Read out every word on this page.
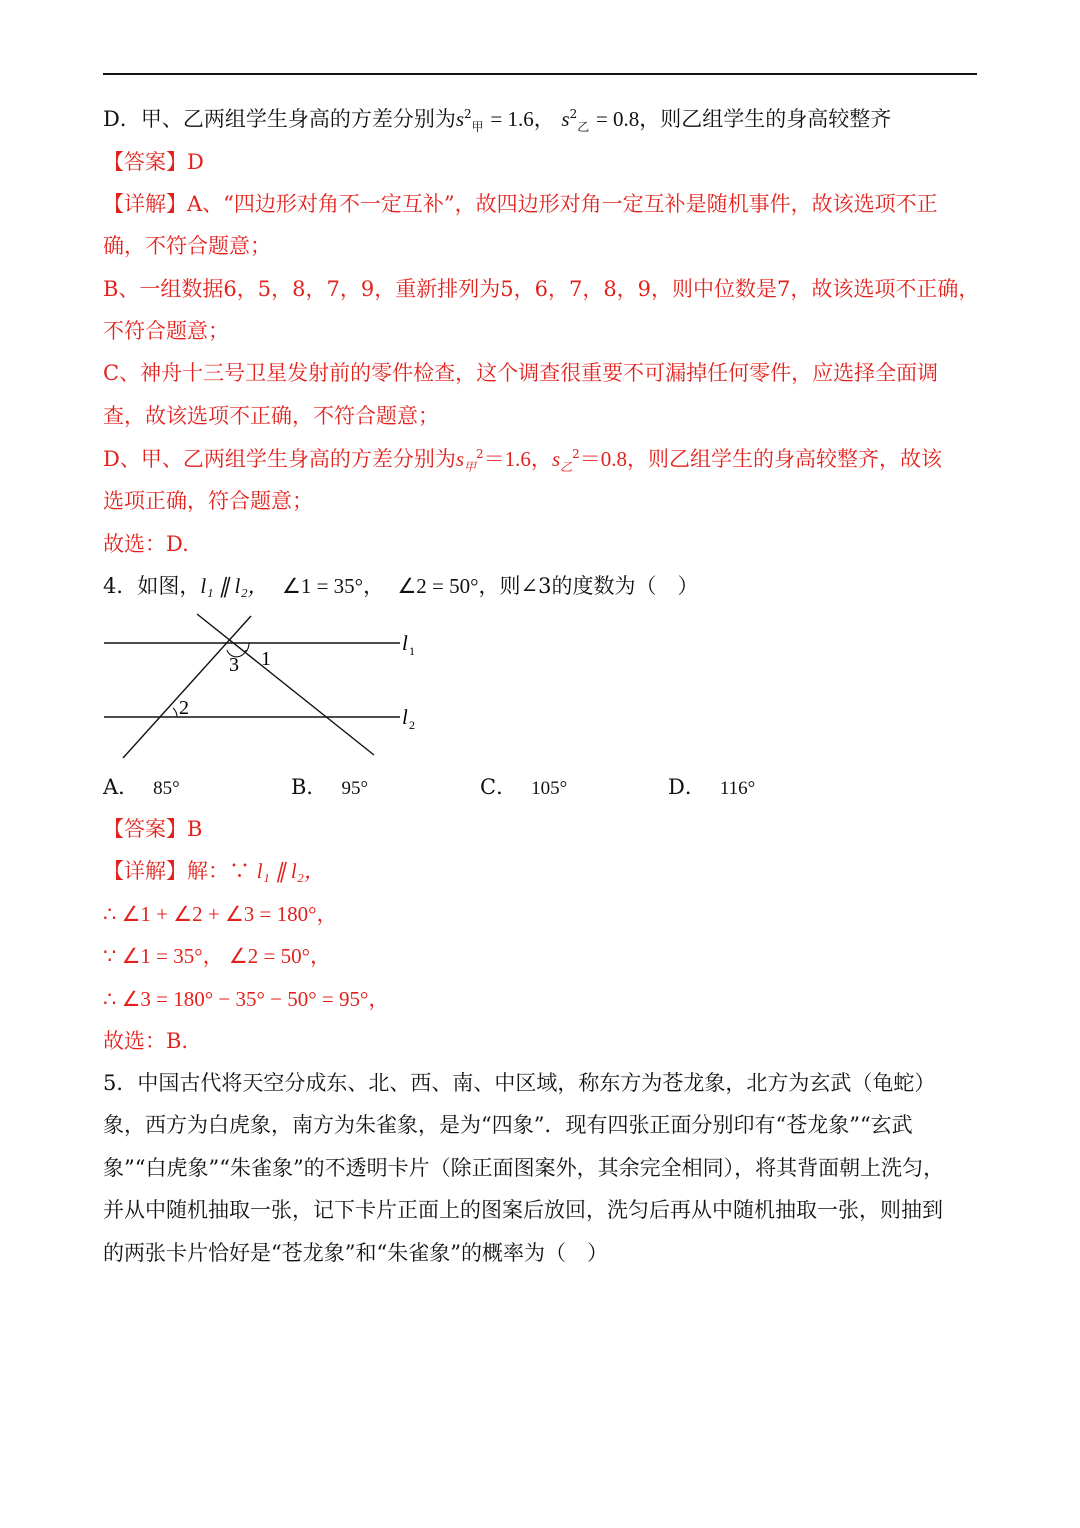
D．甲、乙两组学生身高的方差分别为$s^2_甲 = 1.6$， $s^2_乙 = 0.8$，则乙组学生的身高较整齐
【答案】D
【详解】A、“四边形对角不一定互补”，故四边形对角一定互补是随机事件，故该选项不正
确，不符合题意；
B、一组数据6，5，8，7，9，重新排列为5，6，7，8，9，则中位数是7，故该选项不正确，
不符合题意；
C、神舟十三号卫星发射前的零件检查，这个调查很重要不可漏掉任何零件，应选择全面调
查，故该选项不正确，不符合题意；
D、甲、乙两组学生身高的方差分别为$s_甲^2=1.6$，$s_乙^2=0.8$，则乙组学生的身高较整齐，故该
选项正确，符合题意；
故选：D.
4．如图，l₁ ∥ l₂， ∠1 = 35°， ∠2 = 50°，则∠3的度数为（　）
3 1
2
l 1
l 2
A． 85°	B． 95°	C． 105°	D． 116°
【答案】B
【详解】解：∵ l₁ ∥ l₂，
∴ ∠1 + ∠2 + ∠3 = 180°，
∵ ∠1 = 35°， ∠2 = 50°，
∴ ∠3 = 180° − 35° − 50° = 95°，
故选：B.
5．中国古代将天空分成东、北、西、南、中区域，称东方为苍龙象，北方为玄武（龟蛇）
象，西方为白虎象，南方为朱雀象，是为“四象”．现有四张正面分别印有“苍龙象”“玄武
象”“白虎象”“朱雀象”的不透明卡片（除正面图案外，其余完全相同），将其背面朝上洗匀，
并从中随机抽取一张，记下卡片正面上的图案后放回，洗匀后再从中随机抽取一张，则抽到
的两张卡片恰好是“苍龙象”和“朱雀象”的概率为（　）
